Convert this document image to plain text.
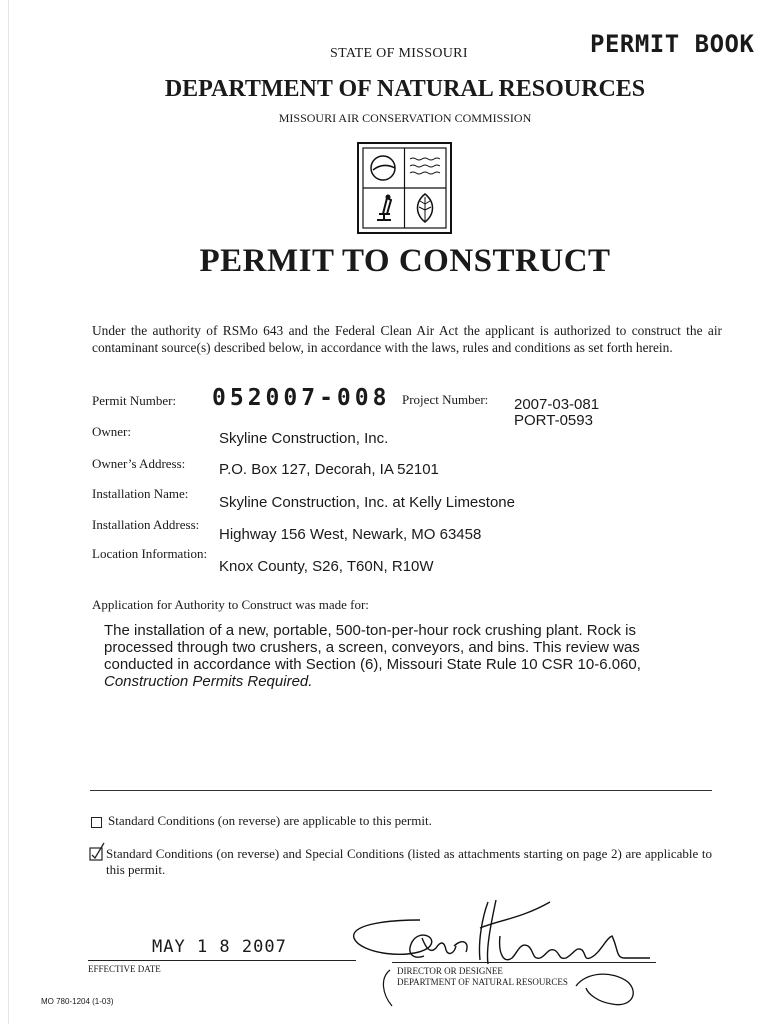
STATE OF MISSOURI	PERMIT BOOK
DEPARTMENT OF NATURAL RESOURCES
MISSOURI AIR CONSERVATION COMMISSION
PERMIT TO CONSTRUCT
Under the authority of RSMo 643 and the Federal Clean Air Act the applicant is authorized to construct the air contaminant source(s) described below, in accordance with the laws, rules and conditions as set forth herein.
Permit Number: 052007-008 Project Number: 2007-03-081
PORT-0593
Owner:	Skyline Construction, Inc.
Owner’s Address: P.O. Box 127, Decorah, IA 52101
Installation Name:
Skyline Construction, Inc. at Kelly Limestone
Installation Address:
Highway 156 West, Newark, MO 63458
Location Information:
Knox County, S26, T60N, R10W
Application for Authority to Construct was made for:
The installation of a new, portable, 500-ton-per-hour rock crushing plant. Rock is processed through two crushers, a screen, conveyors, and bins. This review was conducted in accordance with Section (6), Missouri State Rule 10 CSR 10-6.060, Construction Permits Required.
Standard Conditions (on reverse) are applicable to this permit.
Standard Conditions (on reverse) and Special Conditions (listed as attachments starting on page 2) are applicable to this permit.
MAY 1 8 2007
EFFECTIVE DATE	DIRECTOR OR DESIGNEE
DEPARTMENT OF NATURAL RESOURCES
MO 780-1204 (1-03)
